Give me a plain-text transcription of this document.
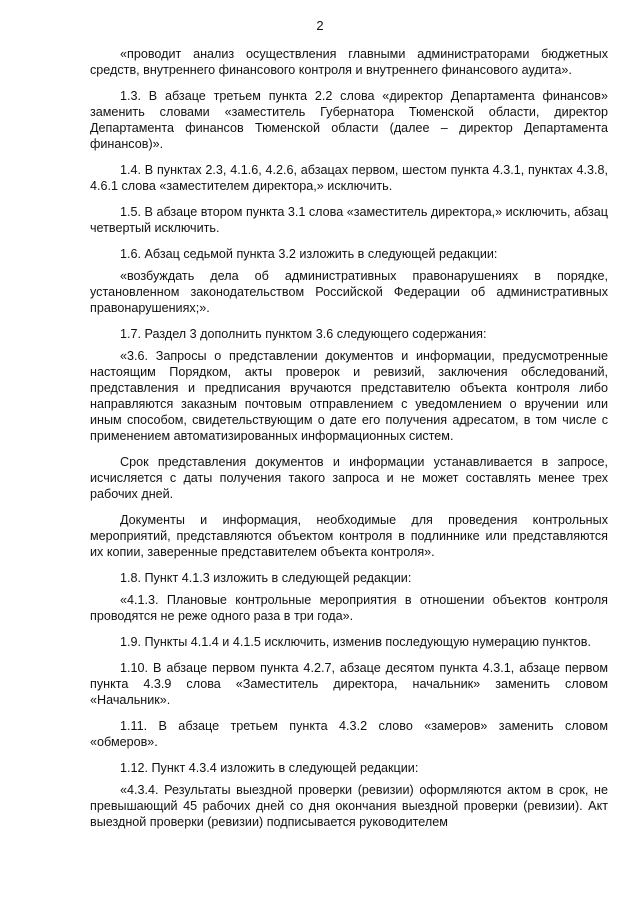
2

«проводит анализ осуществления главными администраторами бюджетных средств, внутреннего финансового контроля и внутреннего финансового аудита».

1.3. В абзаце третьем пункта 2.2 слова «директор Департамента финансов» заменить словами «заместитель Губернатора Тюменской области, директор Департамента финансов Тюменской области (далее – директор Департамента финансов)».

1.4. В пунктах 2.3, 4.1.6, 4.2.6, абзацах первом, шестом пункта 4.3.1, пунктах 4.3.8, 4.6.1 слова «заместителем директора,» исключить.

1.5. В абзаце втором пункта 3.1 слова «заместитель директора,» исключить, абзац четвертый исключить.

1.6. Абзац седьмой пункта 3.2 изложить в следующей редакции:

«возбуждать дела об административных правонарушениях в порядке, установленном законодательством Российской Федерации об административных правонарушениях;».

1.7. Раздел 3 дополнить пунктом 3.6 следующего содержания:

«3.6. Запросы о представлении документов и информации, предусмотренные настоящим Порядком, акты проверок и ревизий, заключения обследований, представления и предписания вручаются представителю объекта контроля либо направляются заказным почтовым отправлением с уведомлением о вручении или иным способом, свидетельствующим о дате его получения адресатом, в том числе с применением автоматизированных информационных систем.

Срок представления документов и информации устанавливается в запросе, исчисляется с даты получения такого запроса и не может составлять менее трех рабочих дней.

Документы и информация, необходимые для проведения контрольных мероприятий, представляются объектом контроля в подлиннике или представляются их копии, заверенные представителем объекта контроля».

1.8. Пункт 4.1.3 изложить в следующей редакции:

«4.1.3. Плановые контрольные мероприятия в отношении объектов контроля проводятся не реже одного раза в три года».

1.9. Пункты 4.1.4 и 4.1.5 исключить, изменив последующую нумерацию пунктов.

1.10. В абзаце первом пункта 4.2.7, абзаце десятом пункта 4.3.1, абзаце первом пункта 4.3.9 слова «Заместитель директора, начальник» заменить словом «Начальник».

1.11. В абзаце третьем пункта 4.3.2 слово «замеров» заменить словом «обмеров».

1.12. Пункт 4.3.4 изложить в следующей редакции:

«4.3.4. Результаты выездной проверки (ревизии) оформляются актом в срок, не превышающий 45 рабочих дней со дня окончания выездной проверки (ревизии). Акт выездной проверки (ревизии) подписывается руководителем
